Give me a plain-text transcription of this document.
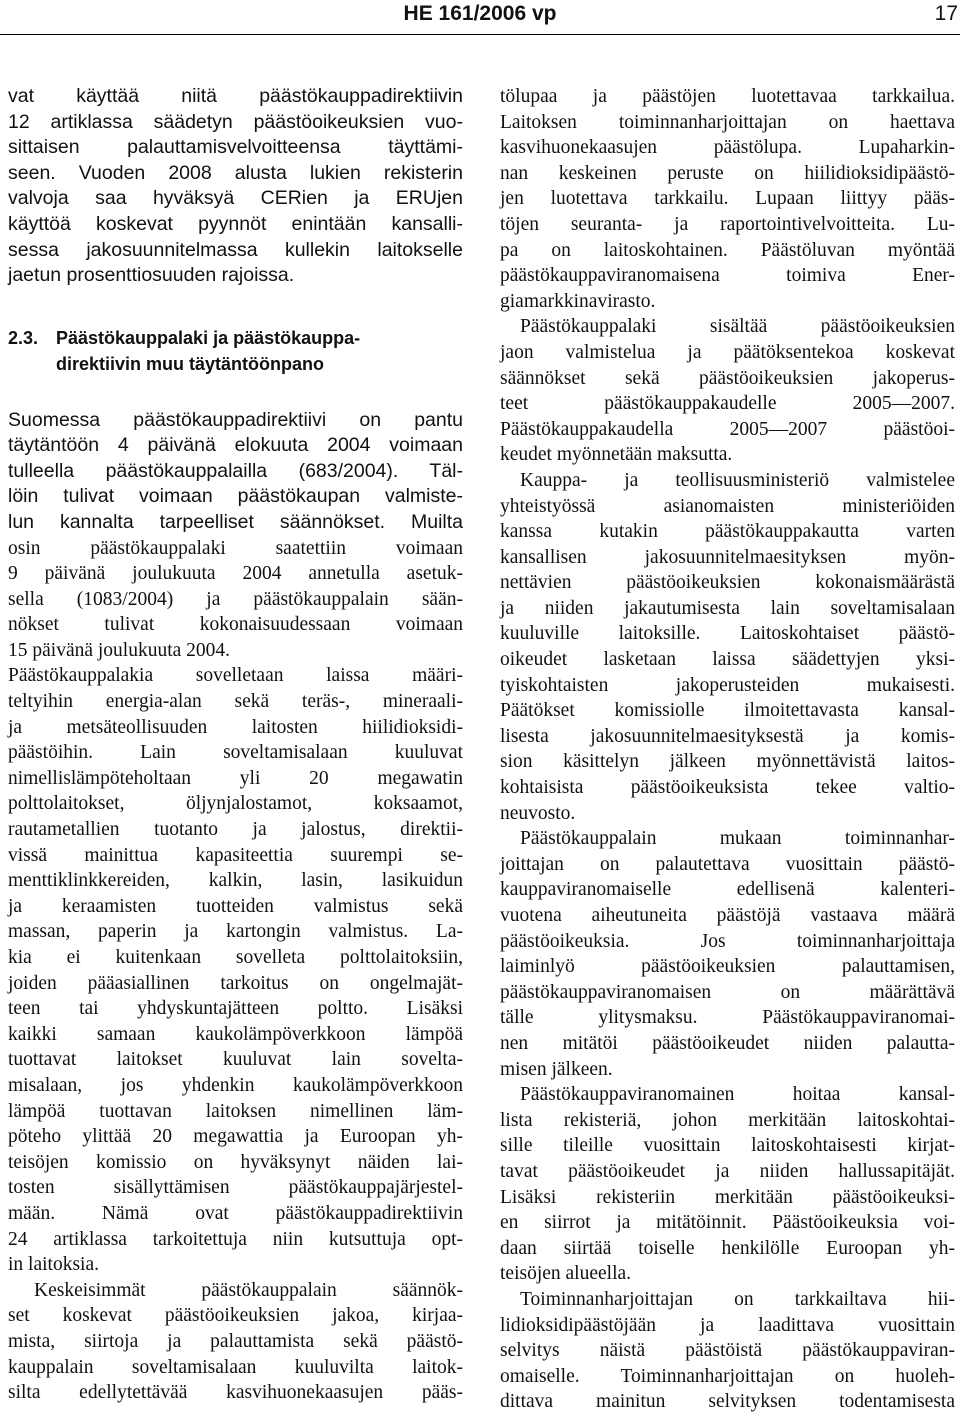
HE 161/2006 vp	17
vat käyttää niitä päästökauppadirektiivin
12 artiklassa säädetyn päästöoikeuksien vuo-
sittaisen palauttamisvelvoitteensa täyttämi-
seen. Vuoden 2008 alusta lukien rekisterin
valvoja saa hyväksyä CERien ja ERUjen
käyttöä koskevat pyynnöt enintään kansalli-
sessa jakosuunnitelmassa kullekin laitokselle
jaetun prosenttiosuuden rajoissa.
2.3. Päästökauppalaki ja päästökauppa-
direktiivin muu täytäntöönpano
Suomessa päästökauppadirektiivi on pantu
täytäntöön 4 päivänä elokuuta 2004 voimaan
tulleella päästökauppalailla (683/2004). Täl-
löin tulivat voimaan päästökaupan valmiste-
lun kannalta tarpeelliset säännökset. Muilta
osin päästökauppalaki saatettiin voimaan
9 päivänä joulukuuta 2004 annetulla asetuk-
sella (1083/2004) ja päästökauppalain sään-
nökset tulivat kokonaisuudessaan voimaan
15 päivänä joulukuuta 2004.
Päästökauppalakia sovelletaan laissa määri-
teltyihin energia-alan sekä teräs-, mineraali-
ja metsäteollisuuden laitosten hiilidioksidi-
päästöihin. Lain soveltamisalaan kuuluvat
nimellislämpöteholtaan yli 20 megawatin
polttolaitokset, öljynjalostamot, koksaamot,
rautametallien tuotanto ja jalostus, direktii-
vissä mainittua kapasiteettia suurempi se-
menttiklinkkereiden, kalkin, lasin, lasikuidun
ja keraamisten tuotteiden valmistus sekä
massan, paperin ja kartongin valmistus. La-
kia ei kuitenkaan sovelleta polttolaitoksiin,
joiden pääasiallinen tarkoitus on ongelmajät-
teen tai yhdyskuntajätteen poltto. Lisäksi
kaikki samaan kaukolämpöverkkoon lämpöä
tuottavat laitokset kuuluvat lain soveltа-
misalaan, jos yhdenkin kaukolämpöverkkoon
lämpöä tuottavan laitoksen nimellinen läm-
pöteho ylittää 20 megawattia ja Euroopan yh-
teisöjen komissio on hyväksynyt näiden lai-
tosten sisällyttämisen päästökauppajärjestel-
mään. Nämä ovat päästökauppadirektiivin
24 artiklassa tarkoitettuja niin kutsuttuja opt-
in laitoksia.
Keskeisimmät päästökauppalain säännök-
set koskevat päästöoikeuksien jakoa, kirjaa-
mista, siirtoja ja palauttamista sekä päästö-
kauppalain soveltamisalaan kuuluvilta laitok-
silta edellytettävää kasvihuonekaasujen pääs-
tölupaa ja päästöjen luotettavaa tarkkailua.
Laitoksen toiminnanharjoittajan on haettava
kasvihuonekaasujen päästölupa. Lupaharkin-
nan keskeinen peruste on hiilidioksidipäästö-
jen luotettava tarkkailu. Lupaan liittyy pääs-
töjen seuranta- ja raportointivelvoitteita. Lu-
pa on laitoskohtainen. Päästöluvan myöntää
päästökauppaviranomaisena toimiva Ener-
giamarkkinavirasto.
Päästökauppalaki sisältää päästöoikeuksien
jaon valmistelua ja päätöksentekoa koskevat
säännökset sekä päästöoikeuksien jakoperus-
teet päästökauppakaudelle 2005—2007.
Päästökauppakaudella 2005—2007 päästöoi-
keudet myönnetään maksutta.
Kauppa- ja teollisuusministeriö valmistelee
yhteistyössä asianomaisten ministeriöiden
kanssa kutakin päästökauppakautta varten
kansallisen jakosuunnitelmaesityksen myön-
nettävien päästöoikeuksien kokonaismäärästä
ja niiden jakautumisesta lain soveltamisalaan
kuuluville laitoksille. Laitoskohtaiset päästö-
oikeudet lasketaan laissa säädettyjen yksi-
tyiskohtaisten jakoperusteiden mukaisesti.
Päätökset komissiolle ilmoitettavasta kansal-
lisesta jakosuunnitelmaesityksestä ja komis-
sion käsittelyn jälkeen myönnettävistä laitos-
kohtaisista päästöoikeuksista tekee valtio-
neuvosto.
Päästökauppalain mukaan toiminnanhar-
joittajan on palautettava vuosittain päästö-
kauppaviranomaiselle edellisenä kalenteri-
vuotena aiheutuneita päästöjä vastaava määrä
päästöoikeuksia. Jos toiminnanharjoittaja
laiminlyö päästöoikeuksien palauttamisen,
päästökauppaviranomaisen on määrättävä
tälle ylitysmaksu. Päästökauppaviranomai-
nen mitätöi päästöoikeudet niiden palautta-
misen jälkeen.
Päästökauppaviranomainen hoitaa kansal-
lista rekisteriä, johon merkitään laitoskohtai-
sille tileille vuosittain laitoskohtaisesti kirjat-
tavat päästöoikeudet ja niiden hallussapitäjät.
Lisäksi rekisteriin merkitään päästöoikeuksi-
en siirrot ja mitätöinnit. Päästöoikeuksia voi-
daan siirtää toiselle henkilölle Euroopan yh-
teisöjen alueella.
Toiminnanharjoittajan on tarkkailtava hii-
lidioksidipäästöjään ja laadittava vuosittain
selvitys näistä päästöistä päästökauppaviran-
omaiselle. Toiminnanharjoittajan on huoleh-
dittava mainitun selvityksen todentamisesta
